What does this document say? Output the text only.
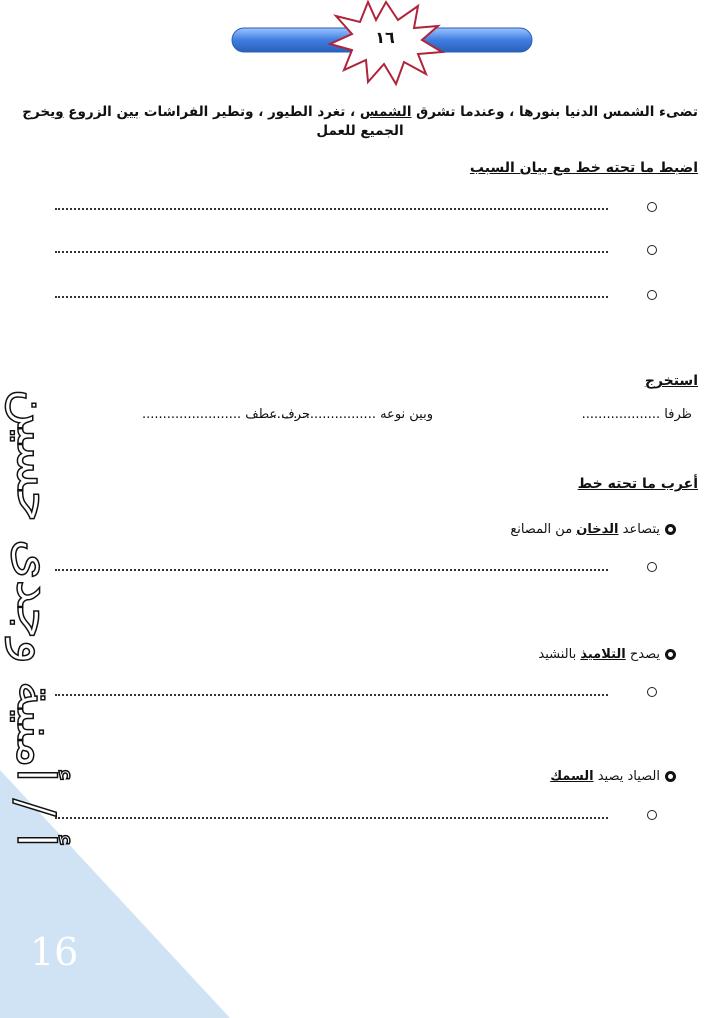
16
أ / أمنية وجدى حسين
١٦
تضىء الشمس الدنيا بنورها ، وعندما تشرق الشمس ، تغرد الطيور ، وتطير الفراشات بين الزروع ويخرج
الجميع للعمل
اضبط ما تحته خط مع بيان السبب
استخرج
ظرفا ...................
وبين نوعه ..........................
حرف عطف ........................
أعرب ما تحته خط
يتصاعد الدخان من المصانع
يصدح التلاميذ بالنشيد
الصياد يصيد السمك
